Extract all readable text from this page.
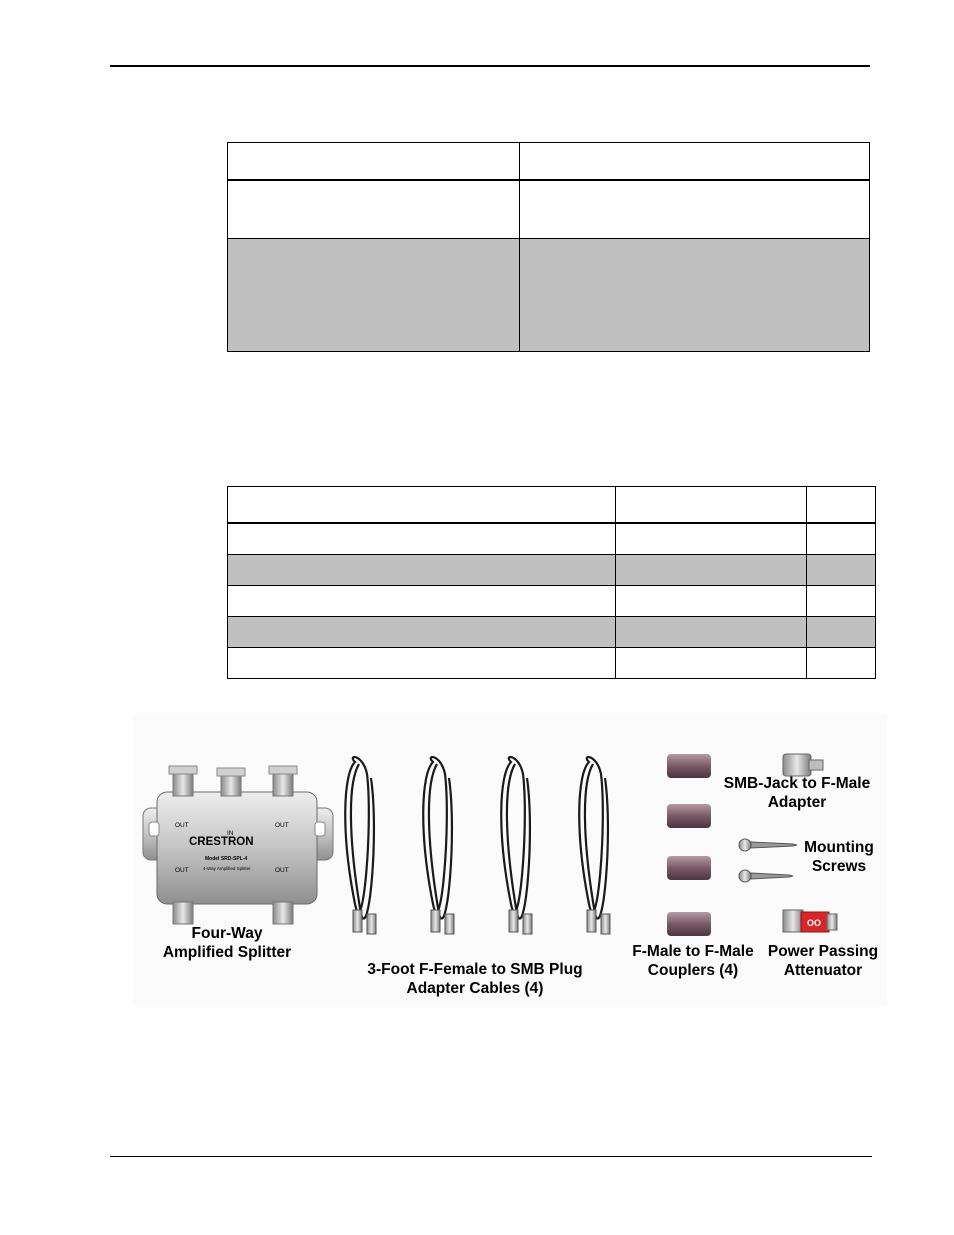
IN
OUT	OUT
OUT	OUT
CRESTRON
Model SRD-SPL-4
4-Way Amplified Splitter
OO
Four-Way
Amplified Splitter
3-Foot F-Female to SMB Plug
Adapter Cables (4)
F-Male to F-Male
Couplers (4)
SMB-Jack to F-Male
Adapter
Mounting
Screws
Power Passing
Attenuator
